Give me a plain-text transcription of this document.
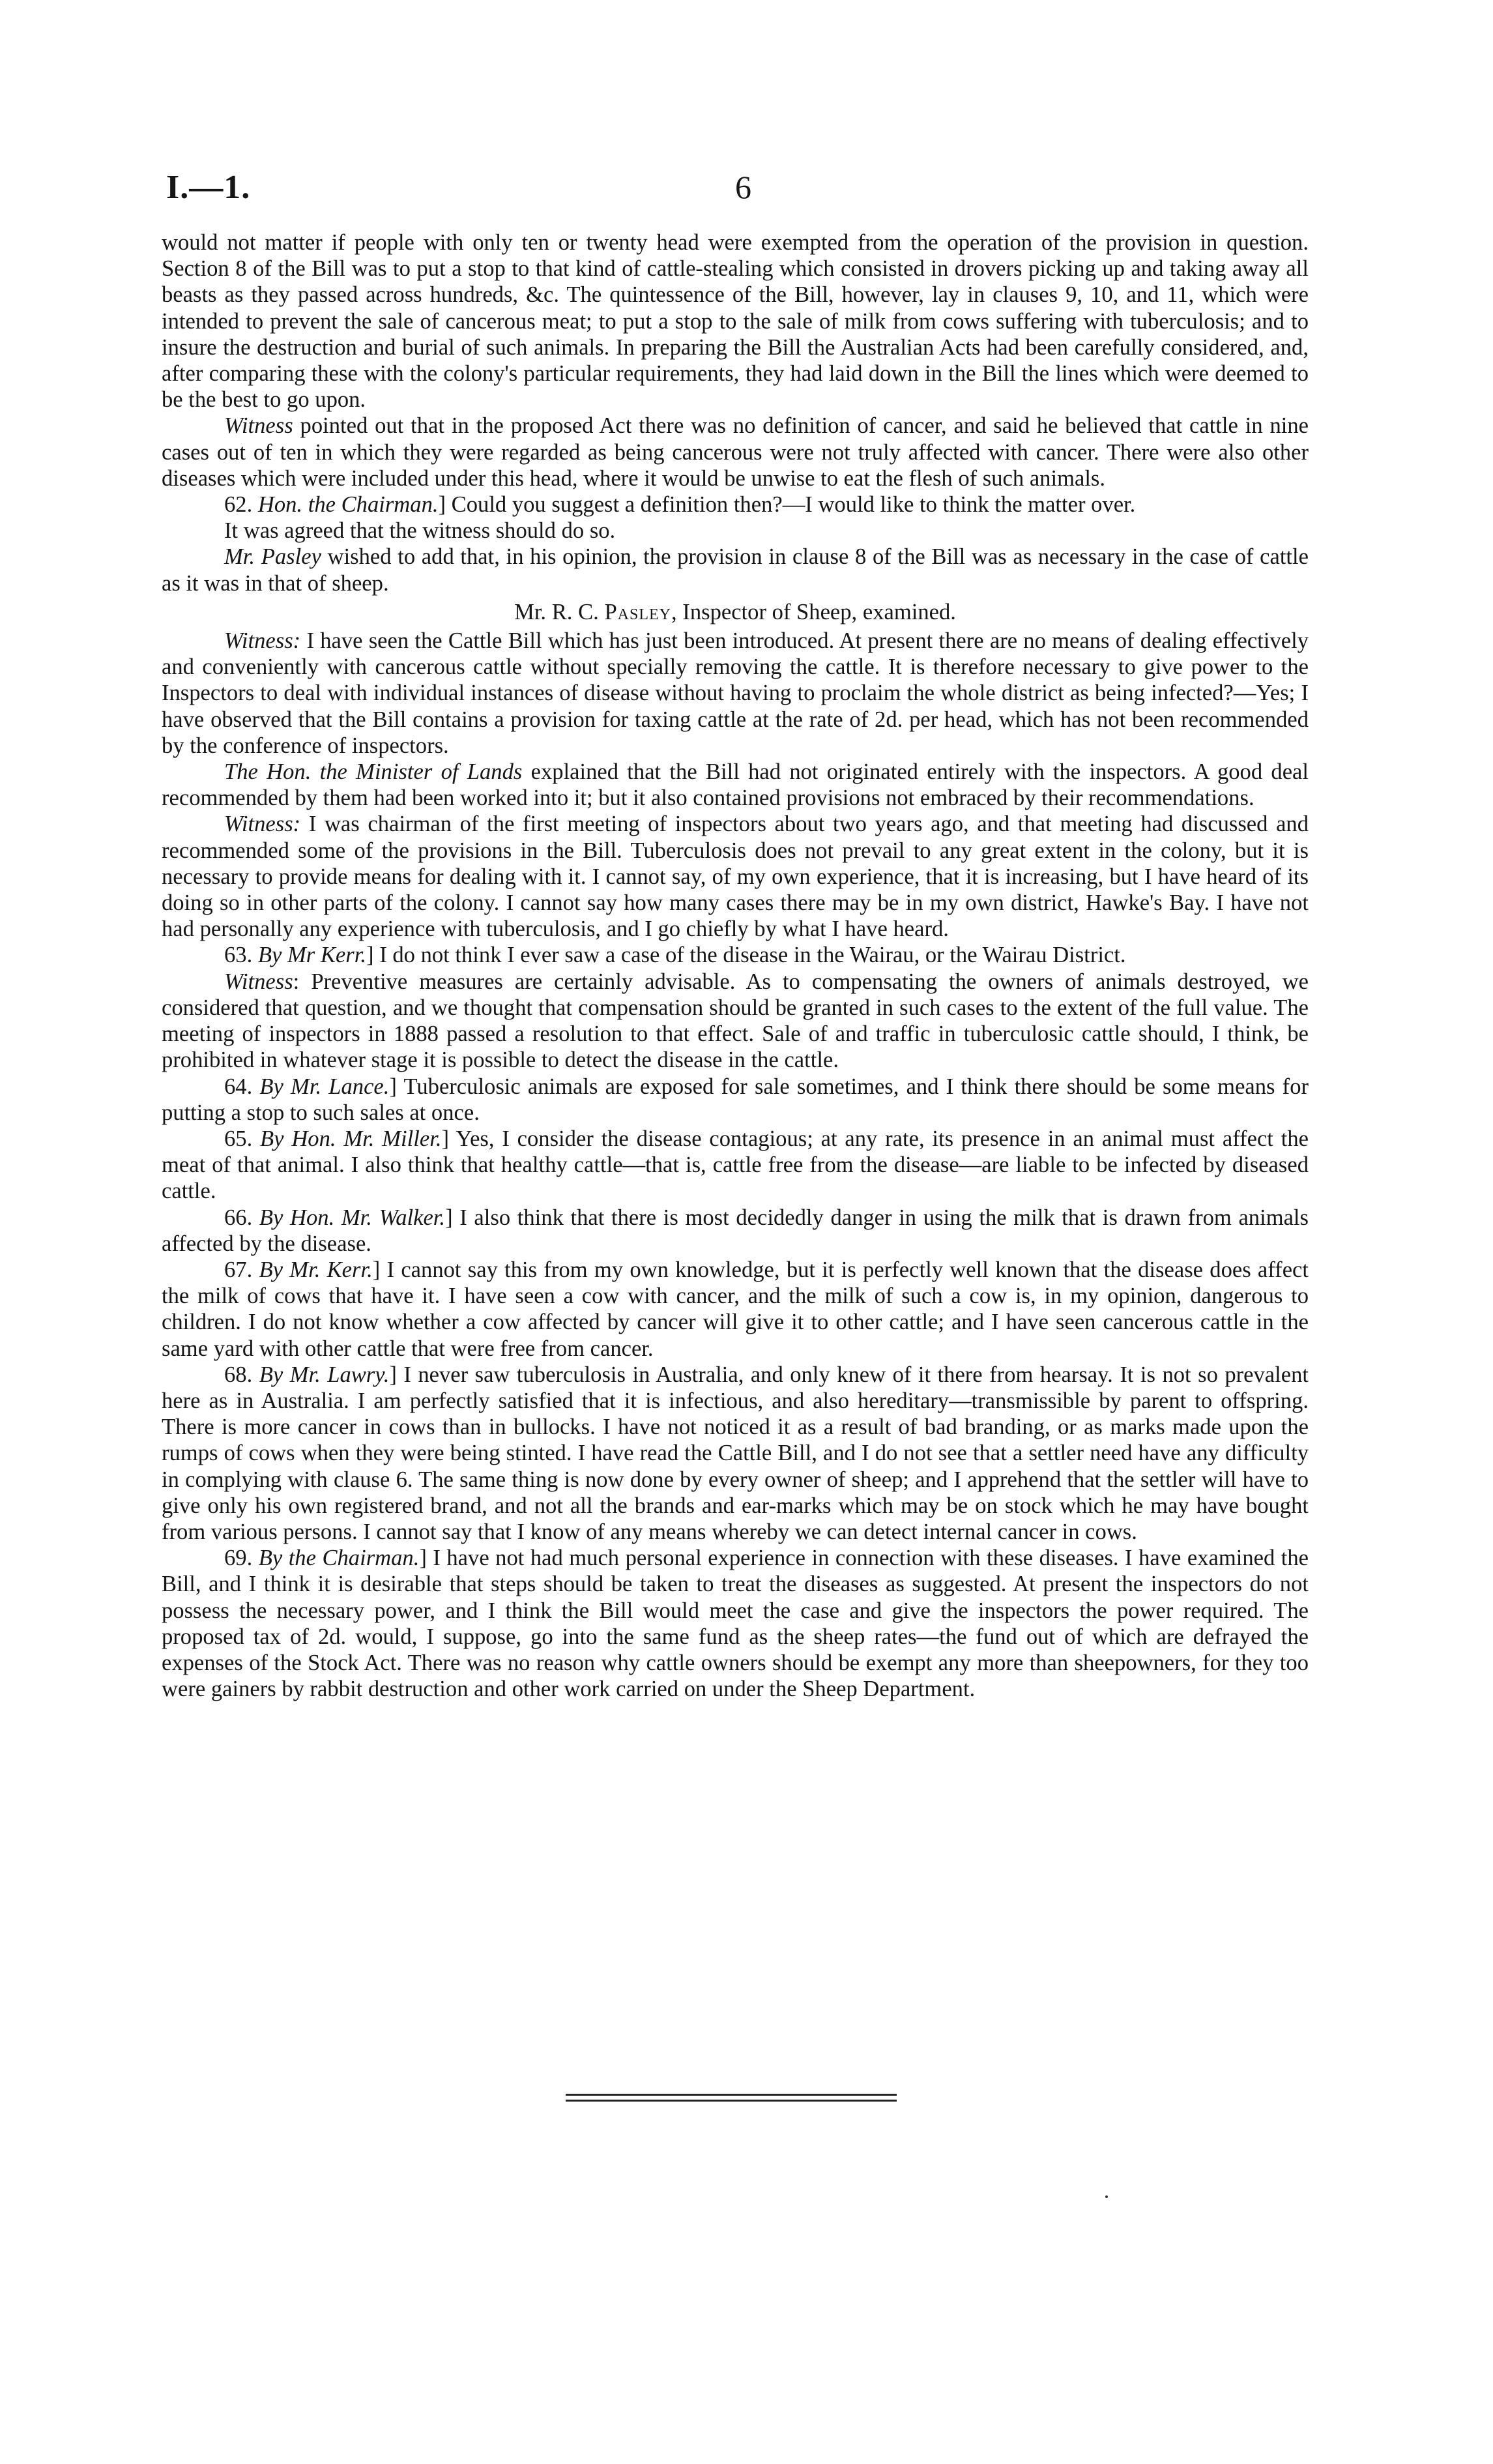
I.—1.	6

would not matter if people with only ten or twenty head were exempted from the operation of the provision in question. Section 8 of the Bill was to put a stop to that kind of cattle-stealing which consisted in drovers picking up and taking away all beasts as they passed across hundreds, &c. The quintessence of the Bill, however, lay in clauses 9, 10, and 11, which were intended to prevent the sale of cancerous meat; to put a stop to the sale of milk from cows suffering with tuberculosis; and to insure the destruction and burial of such animals. In preparing the Bill the Australian Acts had been carefully considered, and, after comparing these with the colony's particular requirements, they had laid down in the Bill the lines which were deemed to be the best to go upon.

Witness pointed out that in the proposed Act there was no definition of cancer, and said he believed that cattle in nine cases out of ten in which they were regarded as being cancerous were not truly affected with cancer. There were also other diseases which were included under this head, where it would be unwise to eat the flesh of such animals.

62. Hon. the Chairman.] Could you suggest a definition then?—I would like to think the matter over.

It was agreed that the witness should do so.

Mr. Pasley wished to add that, in his opinion, the provision in clause 8 of the Bill was as necessary in the case of cattle as it was in that of sheep.

Mr. R. C. Pasley, Inspector of Sheep, examined.

Witness: I have seen the Cattle Bill which has just been introduced. At present there are no means of dealing effectively and conveniently with cancerous cattle without specially removing the cattle. It is therefore necessary to give power to the Inspectors to deal with individual instances of disease without having to proclaim the whole district as being infected?—Yes; I have observed that the Bill contains a provision for taxing cattle at the rate of 2d. per head, which has not been recommended by the conference of inspectors.

The Hon. the Minister of Lands explained that the Bill had not originated entirely with the inspectors. A good deal recommended by them had been worked into it; but it also contained provisions not embraced by their recommendations.

Witness: I was chairman of the first meeting of inspectors about two years ago, and that meeting had discussed and recommended some of the provisions in the Bill. Tuberculosis does not prevail to any great extent in the colony, but it is necessary to provide means for dealing with it. I cannot say, of my own experience, that it is increasing, but I have heard of its doing so in other parts of the colony. I cannot say how many cases there may be in my own district, Hawke's Bay. I have not had personally any experience with tuberculosis, and I go chiefly by what I have heard.

63. By Mr Kerr.] I do not think I ever saw a case of the disease in the Wairau, or the Wairau District.

Witness: Preventive measures are certainly advisable. As to compensating the owners of animals destroyed, we considered that question, and we thought that compensation should be granted in such cases to the extent of the full value. The meeting of inspectors in 1888 passed a resolution to that effect. Sale of and traffic in tuberculosic cattle should, I think, be prohibited in whatever stage it is possible to detect the disease in the cattle.

64. By Mr. Lance.] Tuberculosic animals are exposed for sale sometimes, and I think there should be some means for putting a stop to such sales at once.

65. By Hon. Mr. Miller.] Yes, I consider the disease contagious; at any rate, its presence in an animal must affect the meat of that animal. I also think that healthy cattle—that is, cattle free from the disease—are liable to be infected by diseased cattle.

66. By Hon. Mr. Walker.] I also think that there is most decidedly danger in using the milk that is drawn from animals affected by the disease.

67. By Mr. Kerr.] I cannot say this from my own knowledge, but it is perfectly well known that the disease does affect the milk of cows that have it. I have seen a cow with cancer, and the milk of such a cow is, in my opinion, dangerous to children. I do not know whether a cow affected by cancer will give it to other cattle; and I have seen cancerous cattle in the same yard with other cattle that were free from cancer.

68. By Mr. Lawry.] I never saw tuberculosis in Australia, and only knew of it there from hearsay. It is not so prevalent here as in Australia. I am perfectly satisfied that it is infectious, and also hereditary—transmissible by parent to offspring. There is more cancer in cows than in bullocks. I have not noticed it as a result of bad branding, or as marks made upon the rumps of cows when they were being stinted. I have read the Cattle Bill, and I do not see that a settler need have any difficulty in complying with clause 6. The same thing is now done by every owner of sheep; and I apprehend that the settler will have to give only his own registered brand, and not all the brands and ear-marks which may be on stock which he may have bought from various persons. I cannot say that I know of any means whereby we can detect internal cancer in cows.

69. By the Chairman.] I have not had much personal experience in connection with these diseases. I have examined the Bill, and I think it is desirable that steps should be taken to treat the diseases as suggested. At present the inspectors do not possess the necessary power, and I think the Bill would meet the case and give the inspectors the power required. The proposed tax of 2d. would, I suppose, go into the same fund as the sheep rates—the fund out of which are defrayed the expenses of the Stock Act. There was no reason why cattle owners should be exempt any more than sheepowners, for they too were gainers by rabbit destruction and other work carried on under the Sheep Department.
